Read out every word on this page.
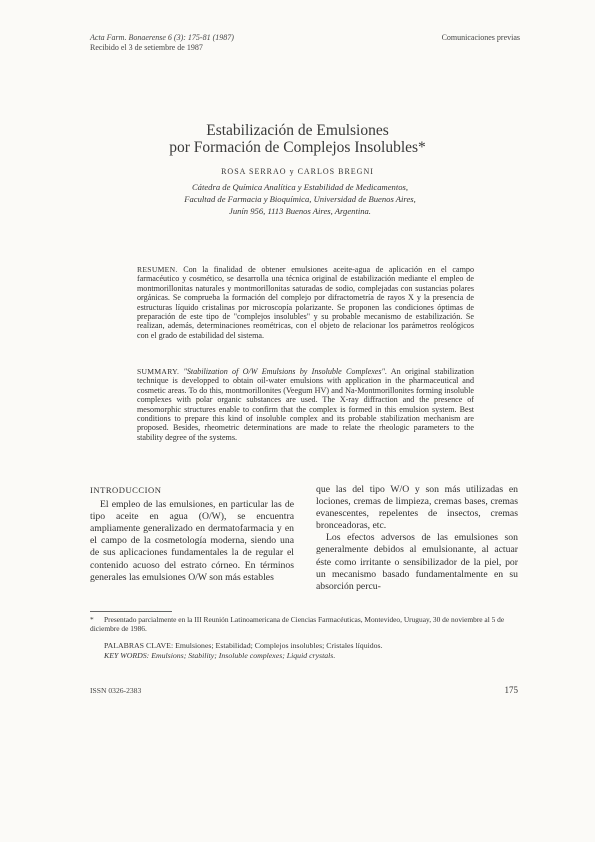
Acta Farm. Bonaerense 6 (3): 175-81 (1987)
Recibido el 3 de setiembre de 1987
Comunicaciones previas
Estabilización de Emulsiones
por Formación de Complejos Insolubles*
ROSA SERRAO y CARLOS BREGNI
Cátedra de Química Analítica y Estabilidad de Medicamentos,
Facultad de Farmacia y Bioquímica, Universidad de Buenos Aires,
Junín 956, 1113 Buenos Aires, Argentina.
RESUMEN. Con la finalidad de obtener emulsiones aceite-agua de aplicación en el campo farmacéutico y cosmético, se desarrolla una técnica original de estabilización mediante el empleo de montmorillonitas naturales y montmorillonitas saturadas de sodio, complejadas con sustancias polares orgánicas. Se comprueba la formación del complejo por difractometría de rayos X y la presencia de estructuras líquido cristalinas por microscopía polarizante. Se proponen las condiciones óptimas de preparación de este tipo de "complejos insolubles" y su probable mecanismo de estabilización. Se realizan, además, determinaciones reométricas, con el objeto de relacionar los parámetros reológicos con el grado de estabilidad del sistema.
SUMMARY. "Stabilization of O/W Emulsions by Insoluble Complexes". An original stabilization technique is developped to obtain oil-water emulsions with application in the pharmaceutical and cosmetic areas. To do this, montmorillonites (Veegum HV) and Na-Montmorillonites forming insoluble complexes with polar organic substances are used. The X-ray diffraction and the presence of mesomorphic structures enable to confirm that the complex is formed in this emulsion system. Best conditions to prepare this kind of insoluble complex and its probable stabilization mechanism are proposed. Besides, rheometric determinations are made to relate the rheologic parameters to the stability degree of the systems.
INTRODUCCION

El empleo de las emulsiones, en particular las de tipo aceite en agua (O/W), se encuentra ampliamente generalizado en dermatofarmacia y en el campo de la cosmetología moderna, siendo una de sus aplicaciones fundamentales la de regular el contenido acuoso del estrato córneo. En términos generales las emulsiones O/W son más estables

que las del tipo W/O y son más utilizadas en lociones, cremas de limpieza, cremas bases, cremas evanescentes, repelentes de insectos, cremas bronceadoras, etc.

Los efectos adversos de las emulsiones son generalmente debidos al emulsionante, al actuar éste como irritante o sensibilizador de la piel, por un mecanismo basado fundamentalmente en su absorción percu-

* Presentado parcialmente en la III Reunión Latinoamericana de Ciencias Farmacéuticas, Montevideo, Uruguay, 30 de noviembre al 5 de diciembre de 1986.
PALABRAS CLAVE: Emulsiones; Estabilidad; Complejos insolubles; Cristales líquidos.
KEY WORDS: Emulsions; Stability; Insoluble complexes; Liquid crystals.
ISSN 0326-2383	175
